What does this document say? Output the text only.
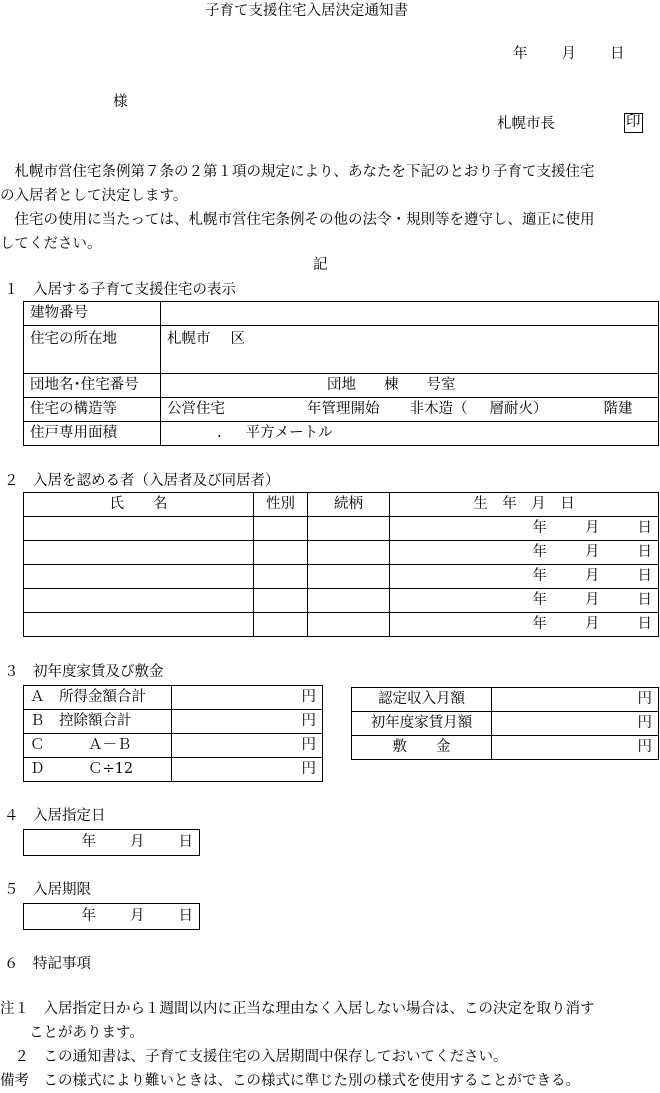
子育て支援住宅入居決定通知書
年 月 日
様
札幌市長	印
　札幌市営住宅条例第７条の２第１項の規定により、あなたを下記のとおり子育て支援住宅
の入居者として決定します。
　住宅の使用に当たっては、札幌市営住宅条例その他の法令・規則等を遵守し、適正に使用
してください。
記
１　入居する子育て支援住宅の表示
建物番号	
住宅の所在地	札幌市 区
団地名･住宅番号	団地 棟 号室
住宅の構造等	公営住宅 年管理開始 非木造（ 層耐火） 階建
住戸専用面積	. 平方メートル
２　入居を認める者（入居者及び同居者）
氏　　名	性別	続柄	生　年　月　日
			年 月 日
			年 月 日
			年 月 日
			年 月 日
			年 月 日
３　初年度家賃及び敷金
Ａ　所得金額合計	円
Ｂ　控除額合計	円
Ｃ　　　Ａ－Ｂ	円
Ｄ　　　Ｃ÷12	円
認定収入月額	円
初年度家賃月額	円
敷　　金	円
４　入居指定日
年 月 日
５　入居期限
年 月 日
６　特記事項
注１　入居指定日から１週間以内に正当な理由なく入居しない場合は、この決定を取り消す
　　ことがあります。
　２　この通知書は、子育て支援住宅の入居期間中保存しておいてください。
備考　この様式により難いときは、この様式に準じた別の様式を使用することができる。
